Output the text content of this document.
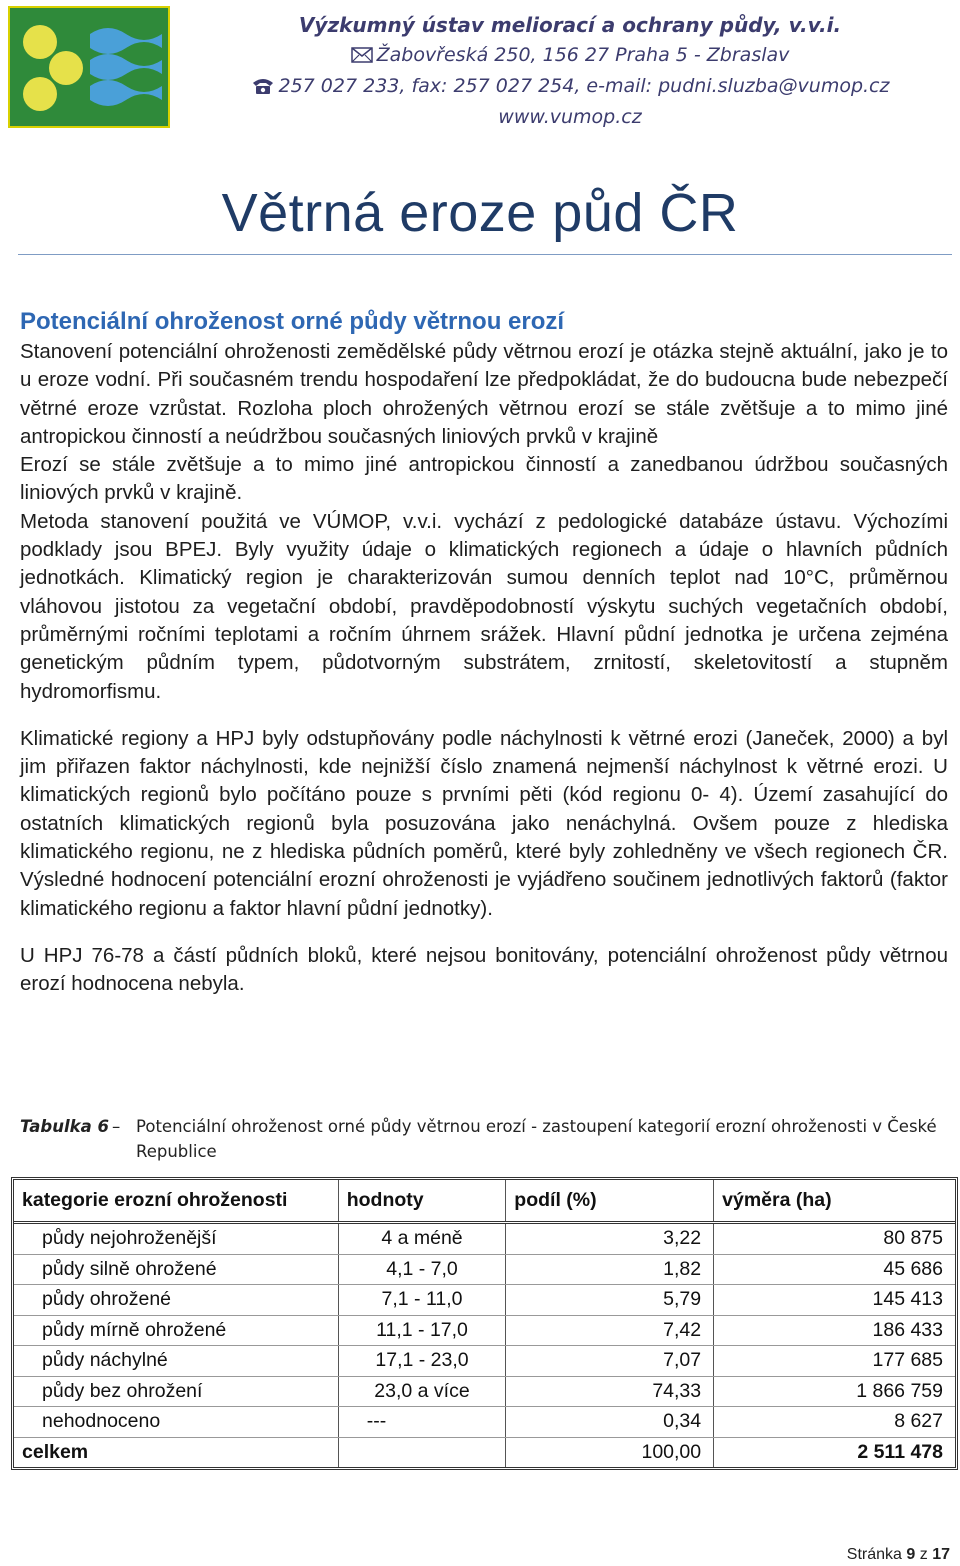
Výzkumný ústav meliorací a ochrany půdy, v.v.i.
Žabovřeská 250, 156 27 Praha 5 - Zbraslav
257 027 233, fax: 257 027 254, e-mail: pudni.sluzba@vumop.cz
www.vumop.cz
Větrná eroze půd ČR
Potenciální ohroženost orné půdy větrnou erozí

Stanovení potenciální ohroženosti zemědělské půdy větrnou erozí je otázka stejně aktuální, jako je to u eroze vodní. Při současném trendu hospodaření lze předpokládat, že do budoucna bude nebezpečí větrné eroze vzrůstat. Rozloha ploch ohrožených větrnou erozí se stále zvětšuje a to mimo jiné antropickou činností a neúdržbou současných liniových prvků v krajině

Erozí se stále zvětšuje a to mimo jiné antropickou činností a zanedbanou údržbou současných liniových prvků v krajině.

Metoda stanovení použitá ve VÚMOP, v.v.i. vychází z pedologické databáze ústavu. Výchozími podklady jsou BPEJ. Byly využity údaje o klimatických regionech a údaje o hlavních půdních jednotkách. Klimatický region je charakterizován sumou denních teplot nad 10°C, průměrnou vláhovou jistotou za vegetační období, pravděpodobností výskytu suchých vegetačních období, průměrnými ročními teplotami a ročním úhrnem srážek. Hlavní půdní jednotka je určena zejména genetickým půdním typem, půdotvorným substrátem, zrnitostí, skeletovitostí a stupněm hydromorfismu.

Klimatické regiony a HPJ byly odstupňovány podle náchylnosti k větrné erozi (Janeček, 2000) a byl jim přiřazen faktor náchylnosti, kde nejnižší číslo znamená nejmenší náchylnost k větrné erozi. U klimatických regionů bylo počítáno pouze s prvními pěti (kód regionu 0- 4). Území zasahující do ostatních klimatických regionů byla posuzována jako nenáchylná. Ovšem pouze z hlediska klimatického regionu, ne z hlediska půdních poměrů, které byly zohledněny ve všech regionech ČR. Výsledné hodnocení potenciální erozní ohroženosti je vyjádřeno součinem jednotlivých faktorů (faktor klimatického regionu a faktor hlavní půdní jednotky).

U HPJ 76-78 a částí půdních bloků, které nejsou bonitovány, potenciální ohroženost půdy větrnou erozí hodnocena nebyla.

Tabulka 6 – Potenciální ohroženost orné půdy větrnou erozí - zastoupení kategorií erozní ohroženosti v České Republice
kategorie erozní ohroženosti	hodnoty	podíl (%)	výměra (ha)
půdy nejohroženější	4 a méně	3,22	80 875
půdy silně ohrožené	4,1 - 7,0	1,82	45 686
půdy ohrožené	7,1 - 11,0	5,79	145 413
půdy mírně ohrožené	11,1 - 17,0	7,42	186 433
půdy náchylné	17,1 - 23,0	7,07	177 685
půdy bez ohrožení	23,0 a více	74,33	1 866 759
nehodnoceno	---	0,34	8 627
celkem		100,00	2 511 478
Stránka 9 z 17
